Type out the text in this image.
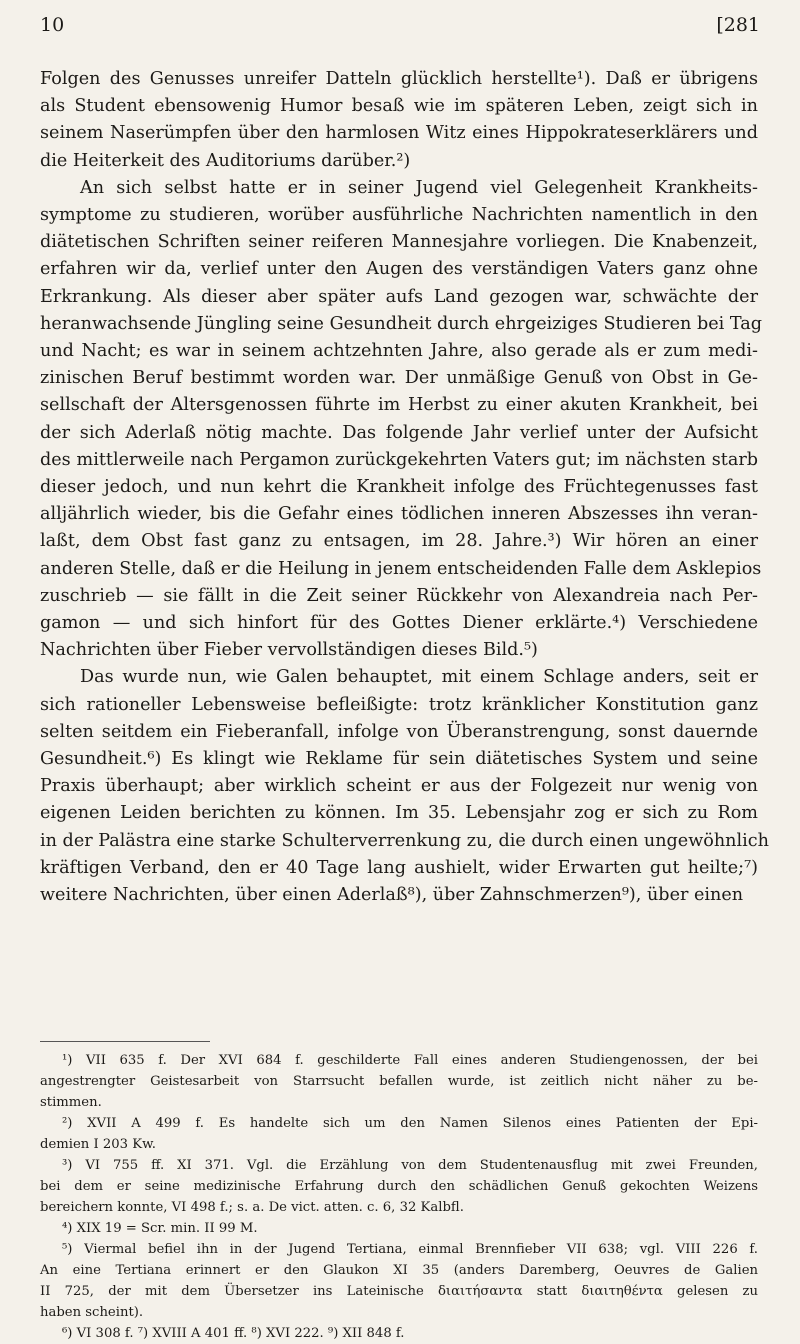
10	[281
Folgen des Genusses unreifer Datteln glücklich herstellte¹). Daß er übrigens
als Student ebensowenig Humor besaß wie im späteren Leben, zeigt sich in
seinem Naserümpfen über den harmlosen Witz eines Hippokrateserklärers und
die Heiterkeit des Auditoriums darüber.²)
An sich selbst hatte er in seiner Jugend viel Gelegenheit Krankheits-
symptome zu studieren, worüber ausführliche Nachrichten namentlich in den
diätetischen Schriften seiner reiferen Mannesjahre vorliegen. Die Knabenzeit,
erfahren wir da, verlief unter den Augen des verständigen Vaters ganz ohne
Erkrankung. Als dieser aber später aufs Land gezogen war, schwächte der
heranwachsende Jüngling seine Gesundheit durch ehrgeiziges Studieren bei Tag
und Nacht; es war in seinem achtzehnten Jahre, also gerade als er zum medi-
zinischen Beruf bestimmt worden war. Der unmäßige Genuß von Obst in Ge-
sellschaft der Altersgenossen führte im Herbst zu einer akuten Krankheit, bei
der sich Aderlaß nötig machte. Das folgende Jahr verlief unter der Aufsicht
des mittlerweile nach Pergamon zurückgekehrten Vaters gut; im nächsten starb
dieser jedoch, und nun kehrt die Krankheit infolge des Früchtegenusses fast
alljährlich wieder, bis die Gefahr eines tödlichen inneren Abszesses ihn veran-
laßt, dem Obst fast ganz zu entsagen, im 28. Jahre.³) Wir hören an einer
anderen Stelle, daß er die Heilung in jenem entscheidenden Falle dem Asklepios
zuschrieb — sie fällt in die Zeit seiner Rückkehr von Alexandreia nach Per-
gamon — und sich hinfort für des Gottes Diener erklärte.⁴) Verschiedene
Nachrichten über Fieber vervollständigen dieses Bild.⁵)
Das wurde nun, wie Galen behauptet, mit einem Schlage anders, seit er
sich rationeller Lebensweise befleißigte: trotz kränklicher Konstitution ganz
selten seitdem ein Fieberanfall, infolge von Überanstrengung, sonst dauernde
Gesundheit.⁶) Es klingt wie Reklame für sein diätetisches System und seine
Praxis überhaupt; aber wirklich scheint er aus der Folgezeit nur wenig von
eigenen Leiden berichten zu können. Im 35. Lebensjahr zog er sich zu Rom
in der Palästra eine starke Schulterverrenkung zu, die durch einen ungewöhnlich
kräftigen Verband, den er 40 Tage lang aushielt, wider Erwarten gut heilte;⁷)
weitere Nachrichten, über einen Aderlaß⁸), über Zahnschmerzen⁹), über einen
¹) VII 635 f. Der XVI 684 f. geschilderte Fall eines anderen Studiengenossen, der bei
angestrengter Geistesarbeit von Starrsucht befallen wurde, ist zeitlich nicht näher zu be-
stimmen.
²) XVII A 499 f. Es handelte sich um den Namen Silenos eines Patienten der Epi-
demien I 203 Kw.
³) VI 755 ff. XI 371. Vgl. die Erzählung von dem Studentenausflug mit zwei Freunden,
bei dem er seine medizinische Erfahrung durch den schädlichen Genuß gekochten Weizens
bereichern konnte, VI 498 f.; s. a. De vict. atten. c. 6, 32 Kalbfl.
⁴) XIX 19 = Scr. min. II 99 M.
⁵) Viermal befiel ihn in der Jugend Tertiana, einmal Brennfieber VII 638; vgl. VIII 226 f.
An eine Tertiana erinnert er den Glaukon XI 35 (anders Daremberg, Oeuvres de Galien
II 725, der mit dem Übersetzer ins Lateinische διαιτήσαντα statt διαιτηθέντα gelesen zu
haben scheint).
⁶) VI 308 f. ⁷) XVIII A 401 ff. ⁸) XVI 222. ⁹) XII 848 f.
